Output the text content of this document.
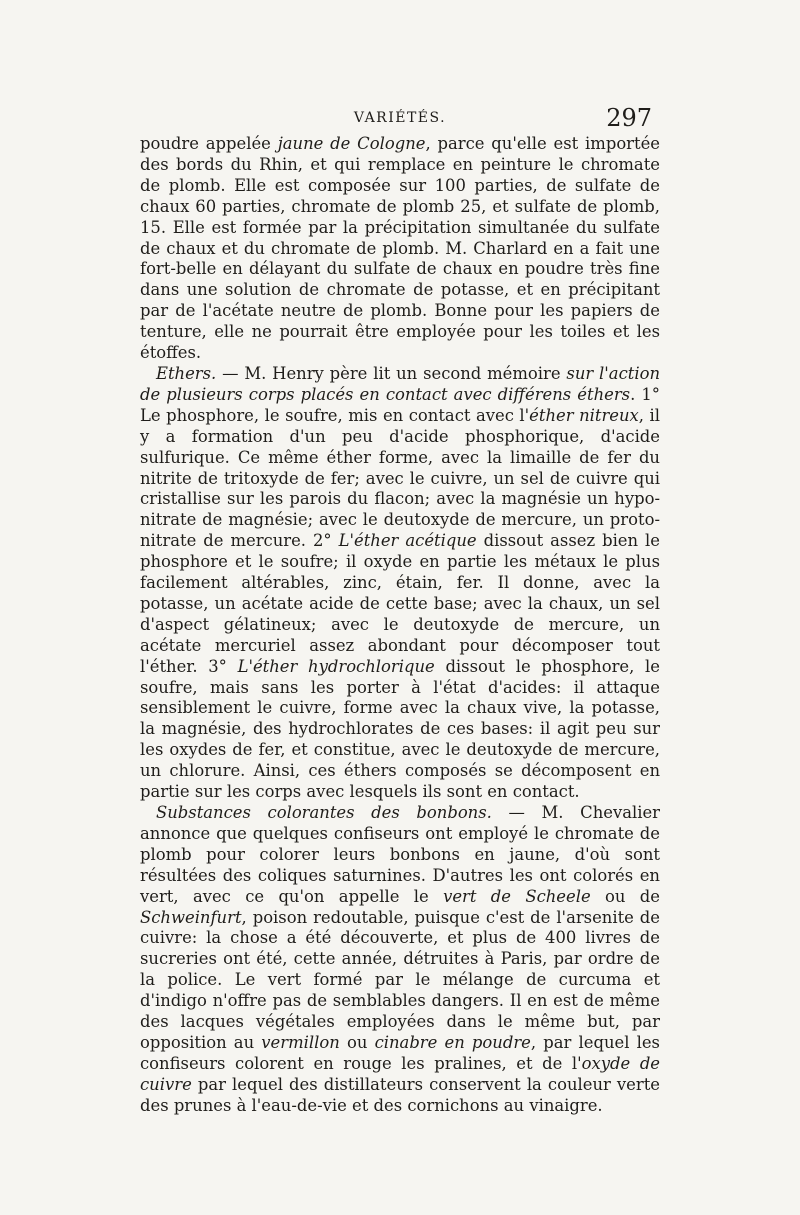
VARIÉTÉS.	297

poudre appelée jaune de Cologne, parce qu'elle est importée des bords du Rhin, et qui remplace en peinture le chromate de plomb. Elle est composée sur 100 parties, de sulfate de chaux 60 parties, chromate de plomb 25, et sulfate de plomb, 15. Elle est formée par la précipitation simultanée du sulfate de chaux et du chromate de plomb. M. Charlard en a fait une fort-belle en délayant du sulfate de chaux en poudre très fine dans une solution de chromate de potasse, et en précipitant par de l'acétate neutre de plomb. Bonne pour les papiers de tenture, elle ne pourrait être employée pour les toiles et les étoffes.

Ethers. — M. Henry père lit un second mémoire sur l'action de plusieurs corps placés en contact avec différens éthers. 1° Le phosphore, le soufre, mis en contact avec l'éther nitreux, il y a formation d'un peu d'acide phosphorique, d'acide sulfurique. Ce même éther forme, avec la limaille de fer du nitrite de tritoxyde de fer; avec le cuivre, un sel de cuivre qui cristallise sur les parois du flacon; avec la magnésie un hypo-nitrate de magnésie; avec le deutoxyde de mercure, un proto-nitrate de mercure. 2° L'éther acétique dissout assez bien le phosphore et le soufre; il oxyde en partie les métaux le plus facilement altérables, zinc, étain, fer. Il donne, avec la potasse, un acétate acide de cette base; avec la chaux, un sel d'aspect gélatineux; avec le deutoxyde de mercure, un acétate mercuriel assez abondant pour décomposer tout l'éther. 3° L'éther hydrochlorique dissout le phosphore, le soufre, mais sans les porter à l'état d'acides: il attaque sensiblement le cuivre, forme avec la chaux vive, la potasse, la magnésie, des hydrochlorates de ces bases: il agit peu sur les oxydes de fer, et constitue, avec le deutoxyde de mercure, un chlorure. Ainsi, ces éthers composés se décomposent en partie sur les corps avec lesquels ils sont en contact.

Substances colorantes des bonbons. — M. Chevalier annonce que quelques confiseurs ont employé le chromate de plomb pour colorer leurs bonbons en jaune, d'où sont résultées des coliques saturnines. D'autres les ont colorés en vert, avec ce qu'on appelle le vert de Scheele ou de Schweinfurt, poison redoutable, puisque c'est de l'arsenite de cuivre: la chose a été découverte, et plus de 400 livres de sucreries ont été, cette année, détruites à Paris, par ordre de la police. Le vert formé par le mélange de curcuma et d'indigo n'offre pas de semblables dangers. Il en est de même des lacques végétales employées dans le même but, par opposition au vermillon ou cinabre en poudre, par lequel les confiseurs colorent en rouge les pralines, et de l'oxyde de cuivre par lequel des distillateurs conservent la couleur verte des prunes à l'eau-de-vie et des cornichons au vinaigre.
